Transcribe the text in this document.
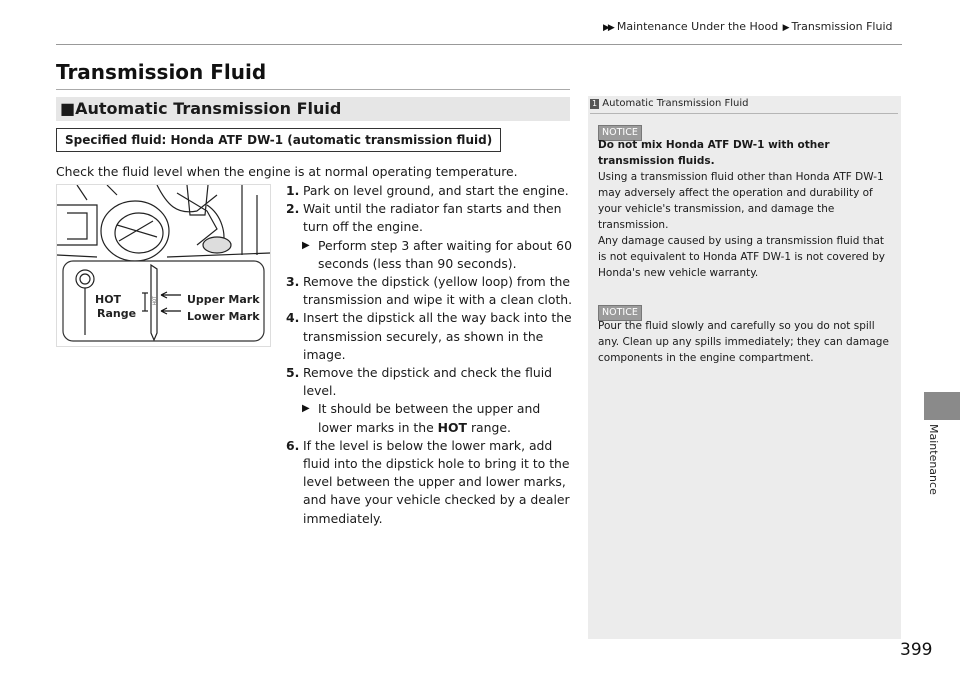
▶▶ Maintenance Under the Hood  ▶ Transmission Fluid
Maintenance
Transmission Fluid
■Automatic Transmission Fluid
Specified fluid: Honda ATF DW-1 (automatic transmission fluid)
Check the fluid level when the engine is at normal operating temperature.
HOT
HOT
Range
Upper Mark
Lower Mark

1. Park on level ground, and start the engine.

2. Wait until the radiator fan starts and then turn off the engine.

▶ Perform step 3 after waiting for about 60 seconds (less than 90 seconds).

3. Remove the dipstick (yellow loop) from the transmission and wipe it with a clean cloth.

4. Insert the dipstick all the way back into the transmission securely, as shown in the image.

5. Remove the dipstick and check the fluid level.

▶ It should be between the upper and lower marks in the HOT range.

6. If the level is below the lower mark, add fluid into the dipstick hole to bring it to the level between the upper and lower marks, and have your vehicle checked by a dealer immediately.

1 Automatic Transmission Fluid
NOTICE
Do not mix Honda ATF DW-1 with other transmission fluids.
Using a transmission fluid other than Honda ATF DW-1 may adversely affect the operation and durability of your vehicle's transmission, and damage the transmission.
Any damage caused by using a transmission fluid that is not equivalent to Honda ATF DW-1 is not covered by Honda's new vehicle warranty.
NOTICE
Pour the fluid slowly and carefully so you do not spill any. Clean up any spills immediately; they can damage components in the engine compartment.
399
